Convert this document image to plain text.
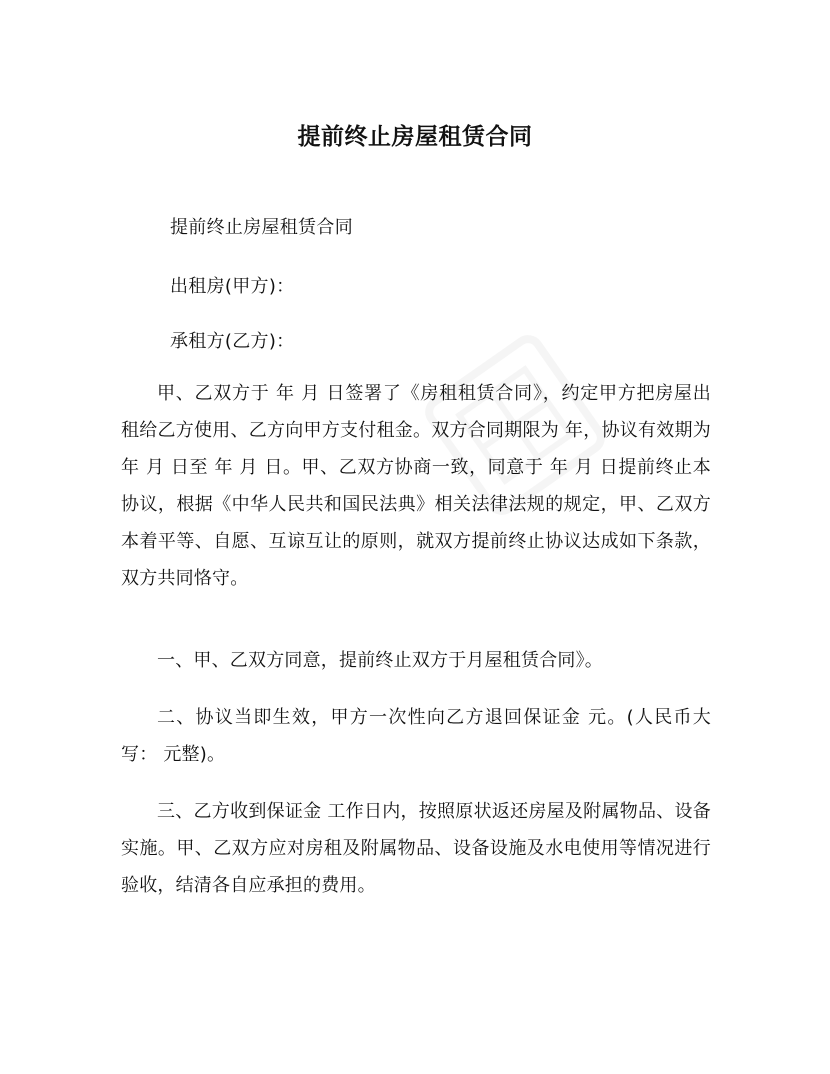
提前终止房屋租赁合同
提前终止房屋租赁合同
出租房(甲方)：
承租方(乙方)：
甲、乙双方于 年 月 日签署了《房租租赁合同》，约定甲方把房屋出租给乙方使用、乙方向甲方支付租金。双方合同期限为 年，协议有效期为 年 月 日至 年 月 日。甲、乙双方协商一致，同意于 年 月 日提前终止本协议，根据《中华人民共和国民法典》相关法律法规的规定，甲、乙双方本着平等、自愿、互谅互让的原则，就双方提前终止协议达成如下条款，双方共同恪守。
一、甲、乙双方同意，提前终止双方于月屋租赁合同》。
二、协议当即生效，甲方一次性向乙方退回保证金 元。(人民币大写： 元整)。
三、乙方收到保证金 工作日内，按照原状返还房屋及附属物品、设备实施。甲、乙双方应对房租及附属物品、设备设施及水电使用等情况进行验收，结清各自应承担的费用。
